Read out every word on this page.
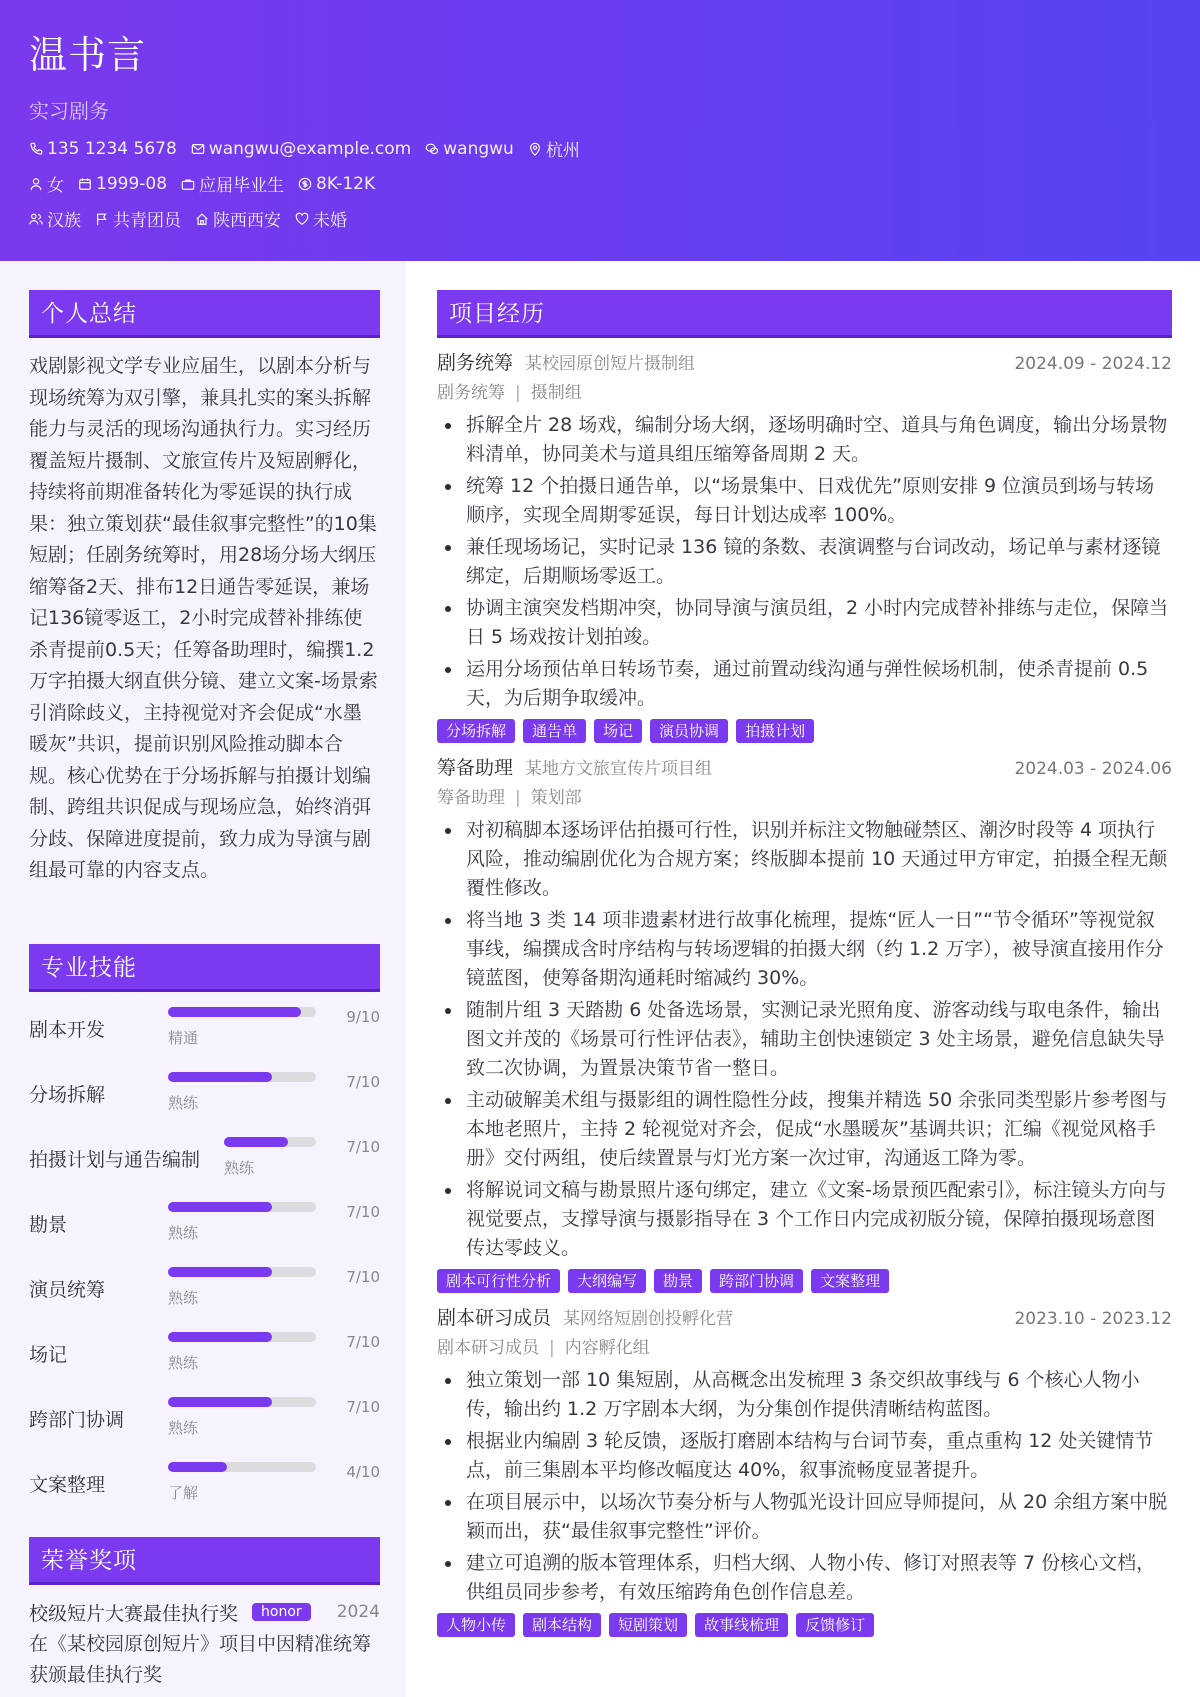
温书言
实习剧务
135 1234 5678 wangwu@example.com wangwu 杭州
女 1999-08 应届毕业生 8K-12K
汉族 共青团员 陕西西安 未婚
个人总结
戏剧影视文学专业应届生，以剧本分析与现场统筹为双引擎，兼具扎实的案头拆解能力与灵活的现场沟通执行力。实习经历覆盖短片摄制、文旅宣传片及短剧孵化，持续将前期准备转化为零延误的执行成果：独立策划获“最佳叙事完整性”的10集短剧；任剧务统筹时，用28场分场大纲压缩筹备2天、排布12日通告零延误，兼场记136镜零返工，2小时完成替补排练使杀青提前0.5天；任筹备助理时，编撰1.2万字拍摄大纲直供分镜、建立文案-场景索引消除歧义，主持视觉对齐会促成“水墨暖灰”共识，提前识别风险推动脚本合规。核心优势在于分场拆解与拍摄计划编制、跨组共识促成与现场应急，始终消弭分歧、保障进度提前，致力成为导演与剧组最可靠的内容支点。
专业技能
剧本开发	精通
9/10
分场拆解	熟练
7/10
拍摄计划与通告编制 熟练
7/10
勘景	熟练
7/10
演员统筹	熟练
7/10
场记	熟练
7/10
跨部门协调	熟练
7/10
文案整理	了解
4/10
荣誉奖项
校级短片大赛最佳执行奖	honor	2024
在《某校园原创短片》项目中因精准统筹获颁最佳执行奖
项目经历
剧务统筹 某校园原创短片摄制组	2024.09 - 2024.12
剧务统筹 | 摄制组
拆解全片 28 场戏，编制分场大纲，逐场明确时空、道具与角色调度，输出分场景物料清单，协同美术与道具组压缩筹备周期 2 天。
统筹 12 个拍摄日通告单，以“场景集中、日戏优先”原则安排 9 位演员到场与转场顺序，实现全周期零延误，每日计划达成率 100%。
兼任现场场记，实时记录 136 镜的条数、表演调整与台词改动，场记单与素材逐镜绑定，后期顺场零返工。
协调主演突发档期冲突，协同导演与演员组，2 小时内完成替补排练与走位，保障当日 5 场戏按计划拍竣。
运用分场预估单日转场节奏，通过前置动线沟通与弹性候场机制，使杀青提前 0.5 天，为后期争取缓冲。
分场拆解	通告单	场记	演员协调	拍摄计划
筹备助理 某地方文旅宣传片项目组	2024.03 - 2024.06
筹备助理 | 策划部
对初稿脚本逐场评估拍摄可行性，识别并标注文物触碰禁区、潮汐时段等 4 项执行风险，推动编剧优化为合规方案；终版脚本提前 10 天通过甲方审定，拍摄全程无颠覆性修改。
将当地 3 类 14 项非遗素材进行故事化梳理，提炼“匠人一日”“节令循环”等视觉叙事线，编撰成含时序结构与转场逻辑的拍摄大纲（约 1.2 万字），被导演直接用作分镜蓝图，使筹备期沟通耗时缩减约 30%。
随制片组 3 天踏勘 6 处备选场景，实测记录光照角度、游客动线与取电条件，输出图文并茂的《场景可行性评估表》，辅助主创快速锁定 3 处主场景，避免信息缺失导致二次协调，为置景决策节省一整日。
主动破解美术组与摄影组的调性隐性分歧，搜集并精选 50 余张同类型影片参考图与本地老照片，主持 2 轮视觉对齐会，促成“水墨暖灰”基调共识；汇编《视觉风格手册》交付两组，使后续置景与灯光方案一次过审，沟通返工降为零。
将解说词文稿与勘景照片逐句绑定，建立《文案-场景预匹配索引》，标注镜头方向与视觉要点，支撑导演与摄影指导在 3 个工作日内完成初版分镜，保障拍摄现场意图传达零歧义。
剧本可行性分析	大纲编写	勘景	跨部门协调	文案整理
剧本研习成员 某网络短剧创投孵化营	2023.10 - 2023.12
剧本研习成员 | 内容孵化组
独立策划一部 10 集短剧，从高概念出发梳理 3 条交织故事线与 6 个核心人物小传，输出约 1.2 万字剧本大纲，为分集创作提供清晰结构蓝图。
根据业内编剧 3 轮反馈，逐版打磨剧本结构与台词节奏，重点重构 12 处关键情节点，前三集剧本平均修改幅度达 40%，叙事流畅度显著提升。
在项目展示中，以场次节奏分析与人物弧光设计回应导师提问，从 20 余组方案中脱颖而出，获“最佳叙事完整性”评价。
建立可追溯的版本管理体系，归档大纲、人物小传、修订对照表等 7 份核心文档，供组员同步参考，有效压缩跨角色创作信息差。
人物小传	剧本结构	短剧策划	故事线梳理	反馈修订
